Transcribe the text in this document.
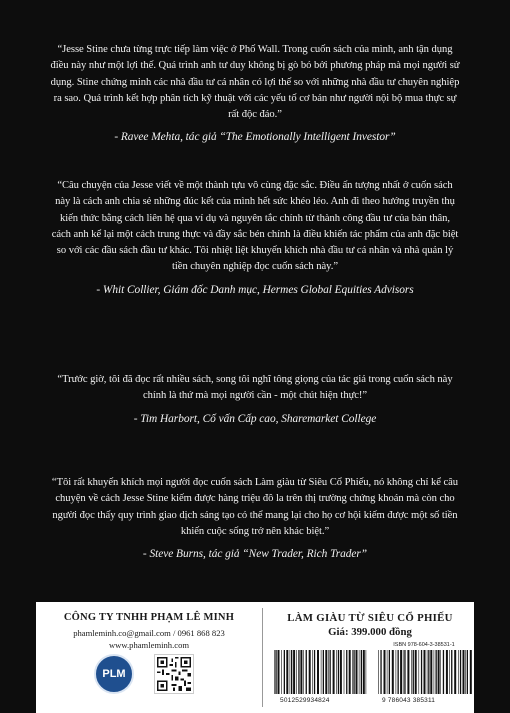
“Jesse Stine chưa từng trực tiếp làm việc ở Phố Wall. Trong cuốn sách của mình, anh tận dụng điều này như một lợi thế. Quá trình anh tư duy không bị gò bó bởi phương pháp mà mọi người sử dụng. Stine chứng minh các nhà đầu tư cá nhân có lợi thế so với những nhà đầu tư chuyên nghiệp ra sao. Quá trình kết hợp phân tích kỹ thuật với các yếu tố cơ bản như người nội bộ mua thực sự rất độc đáo.”
- Ravee Mehta, tác giả “The Emotionally Intelligent Investor”
“Câu chuyện của Jesse viết về một thành tựu vô cùng đặc sắc. Điều ấn tượng nhất ở cuốn sách này là cách anh chia sẻ những đúc kết của mình hết sức khéo léo. Anh đi theo hướng truyền thụ kiến thức bằng cách liên hệ qua ví dụ và nguyên tắc chính từ thành công đầu tư của bản thân, cách anh kể lại một cách trung thực và đầy sắc bén chính là điều khiến tác phẩm của anh đặc biệt so với các đầu sách đầu tư khác. Tôi nhiệt liệt khuyến khích nhà đầu tư cá nhân và nhà quản lý tiền chuyên nghiệp đọc cuốn sách này.”
- Whit Collier, Giám đốc Danh mục, Hermes Global Equities Advisors
“Trước giờ, tôi đã đọc rất nhiều sách, song tôi nghĩ tông giọng của tác giả trong cuốn sách này chính là thứ mà mọi người cần - một chút hiện thực!”
- Tim Harbort, Cố vấn Cấp cao, Sharemarket College
“Tôi rất khuyến khích mọi người đọc cuốn sách Làm giàu từ Siêu Cổ Phiếu, nó không chỉ kể câu chuyện về cách Jesse Stine kiếm được hàng triệu đô la trên thị trường chứng khoán mà còn cho người đọc thấy quy trình giao dịch sáng tạo có thể mang lại cho họ cơ hội kiếm được một số tiền khiến cuộc sống trở nên khác biệt.”
- Steve Burns, tác giả “New Trader, Rich Trader”
CÔNG TY TNHH PHẠM LÊ MINH
phamleminh.co@gmail.com / 0961 868 823
www.phamleminh.com
PLM
LÀM GIÀU TỪ SIÊU CỔ PHIẾU
Giá: 399.000 đồng
ISBN 978-604-3-38531-1
5012529934824	9 786043 385311
